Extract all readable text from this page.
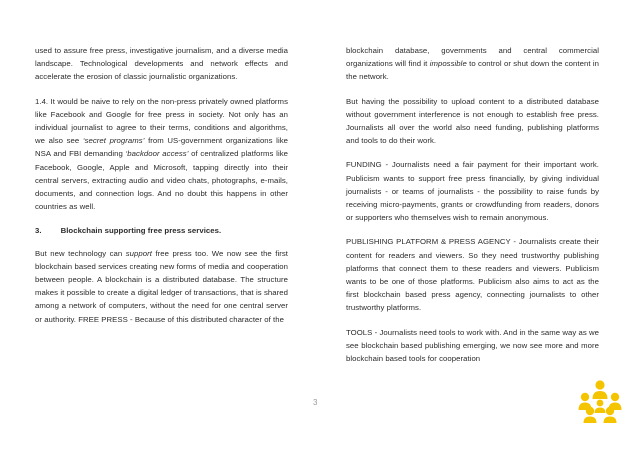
used to assure free press, investigative journalism, and a diverse media landscape. Technological developments and network effects and accelerate the erosion of classic journalistic organizations.

1.4. It would be naive to rely on the non-press privately owned platforms like Facebook and Google for free press in society. Not only has an individual journalist to agree to their terms, conditions and algorithms, we also see ‘secret programs’ from US-government organizations like NSA and FBI demanding ‘backdoor access’ of centralized platforms like Facebook, Google, Apple and Microsoft, tapping directly into their central servers, extracting audio and video chats, photographs, e-mails, documents, and connection logs. And no doubt this happens in other countries as well.

3. Blockchain supporting free press services.

But new technology can support free press too. We now see the first blockchain based services creating new forms of media and cooperation between people. A blockchain is a distributed database. The structure makes it possible to create a digital ledger of transactions, that is shared among a network of computers, without the need for one central server or authority. FREE PRESS - Because of this distributed character of the

blockchain database, governments and central commercial organizations will find it impossible to control or shut down the content in the network.

But having the possibility to upload content to a distributed database without government interference is not enough to establish free press. Journalists all over the world also need funding, publishing platforms and tools to do their work.

FUNDING - Journalists need a fair payment for their important work. Publicism wants to support free press financially, by giving individual journalists - or teams of journalists - the possibility to raise funds by receiving micro-payments, grants or crowdfunding from readers, donors or supporters who themselves wish to remain anonymous.

PUBLISHING PLATFORM & PRESS AGENCY - Journalists create their content for readers and viewers. So they need trustworthy publishing platforms that connect them to these readers and viewers. Publicism wants to be one of those platforms. Publicism also aims to act as the first blockchain based press agency, connecting journalists to other trustworthy platforms.

TOOLS - Journalists need tools to work with. And in the same way as we see blockchain based publishing emerging, we now see more and more blockchain based tools for cooperation

3
